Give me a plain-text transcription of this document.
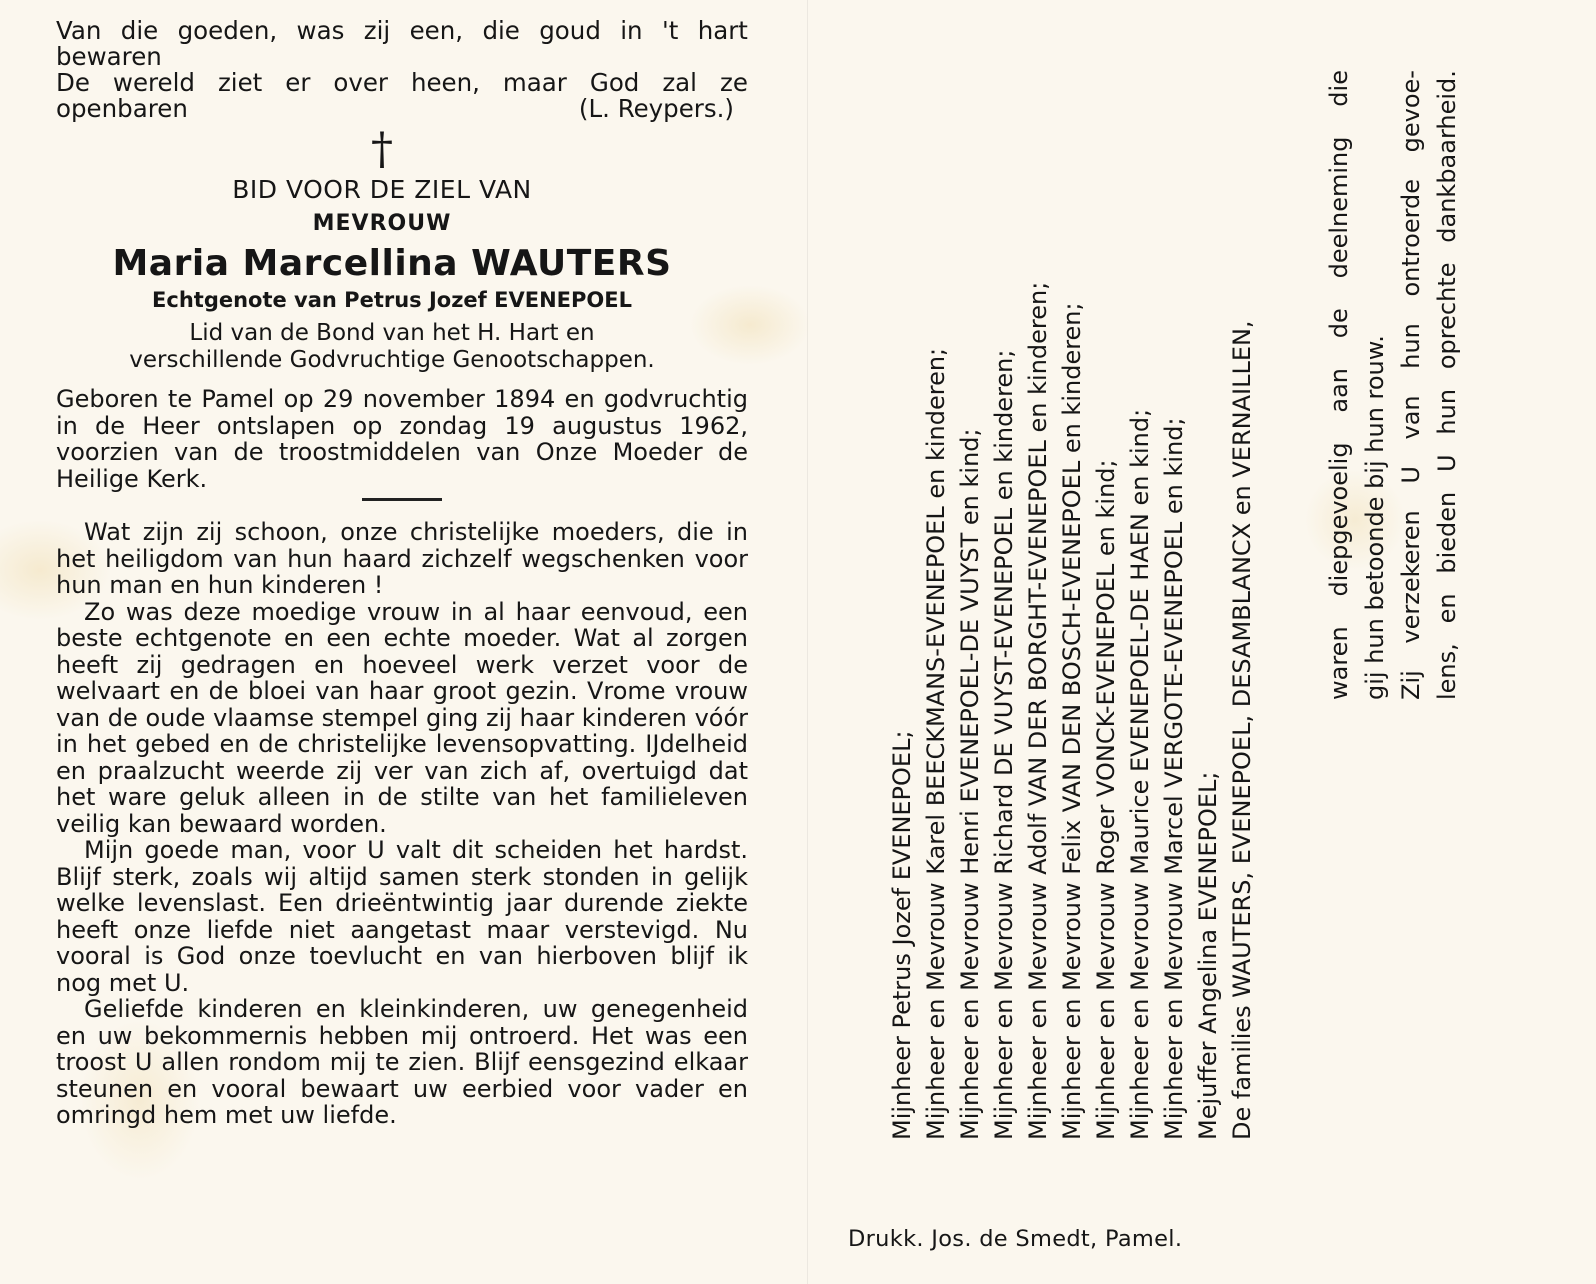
Van die goeden, was zij een, die goud in 't hart
bewaren
De wereld ziet er over heen, maar God zal ze
openbaren	(L. Reypers.)
†
BID VOOR DE ZIEL VAN
MEVROUW
Maria Marcellina WAUTERS
Echtgenote van Petrus Jozef EVENEPOEL
Lid van de Bond van het H. Hart en
verschillende Godvruchtige Genootschappen.
Geboren te Pamel op 29 november 1894 en godvruchtig in de Heer ontslapen op zondag 19 augustus 1962, voorzien van de troostmiddelen van Onze Moeder de Heilige Kerk.

Wat zijn zij schoon, onze christelijke moeders, die in het heiligdom van hun haard zichzelf wegschenken voor hun man en hun kinderen !

Zo was deze moedige vrouw in al haar eenvoud, een beste echtgenote en een echte moeder. Wat al zorgen heeft zij gedragen en hoeveel werk verzet voor de welvaart en de bloei van haar groot gezin. Vrome vrouw van de oude vlaamse stempel ging zij haar kinderen vóór in het gebed en de christelijke levensopvatting. IJdelheid en praalzucht weerde zij ver van zich af, overtuigd dat het ware geluk alleen in de stilte van het familieleven veilig kan bewaard worden.

Mijn goede man, voor U valt dit scheiden het hardst. Blijf sterk, zoals wij altijd samen sterk stonden in gelijk welke levenslast. Een drieëntwintig jaar durende ziekte heeft onze liefde niet aangetast maar verstevigd. Nu vooral is God onze toevlucht en van hierboven blijf ik nog met U.

Geliefde kinderen en kleinkinderen, uw genegenheid en uw bekommernis hebben mij ontroerd. Het was een troost U allen rondom mij te zien. Blijf eensgezind elkaar steunen en vooral bewaart uw eerbied voor vader en omringd hem met uw liefde.	Mijnheer Petrus Jozef EVENEPOEL; Mijnheer en Mevrouw Karel BEECKMANS-EVENEPOEL en kinderen; Mijnheer en Mevrouw Henri EVENEPOEL-DE VUYST en kind; Mijnheer en Mevrouw Richard DE VUYST-EVENEPOEL en kinderen; Mijnheer en Mevrouw Adolf VAN DER BORGHT-EVENEPOEL en kinderen; Mijnheer en Mevrouw Felix VAN DEN BOSCH-EVENEPOEL en kinderen; Mijnheer en Mevrouw Roger VONCK-EVENEPOEL en kind; Mijnheer en Mevrouw Maurice EVENEPOEL-DE HAEN en kind; Mijnheer en Mevrouw Marcel VERGOTE-EVENEPOEL en kind; Mejuffer Angelina EVENEPOEL; De families WAUTERS, EVENEPOEL, DESAMBLANCX en VERNAILLEN,	waren
diepgevoelig
aan
de
deelneming
die
gij hun betoonde bij hun rouw. Zij
verzekeren
U
van
hun
ontroerde
gevoe-
lens,
en
bieden
U
hun
oprechte
dankbaarheid.
Drukk. Jos. de Smedt, Pamel.
